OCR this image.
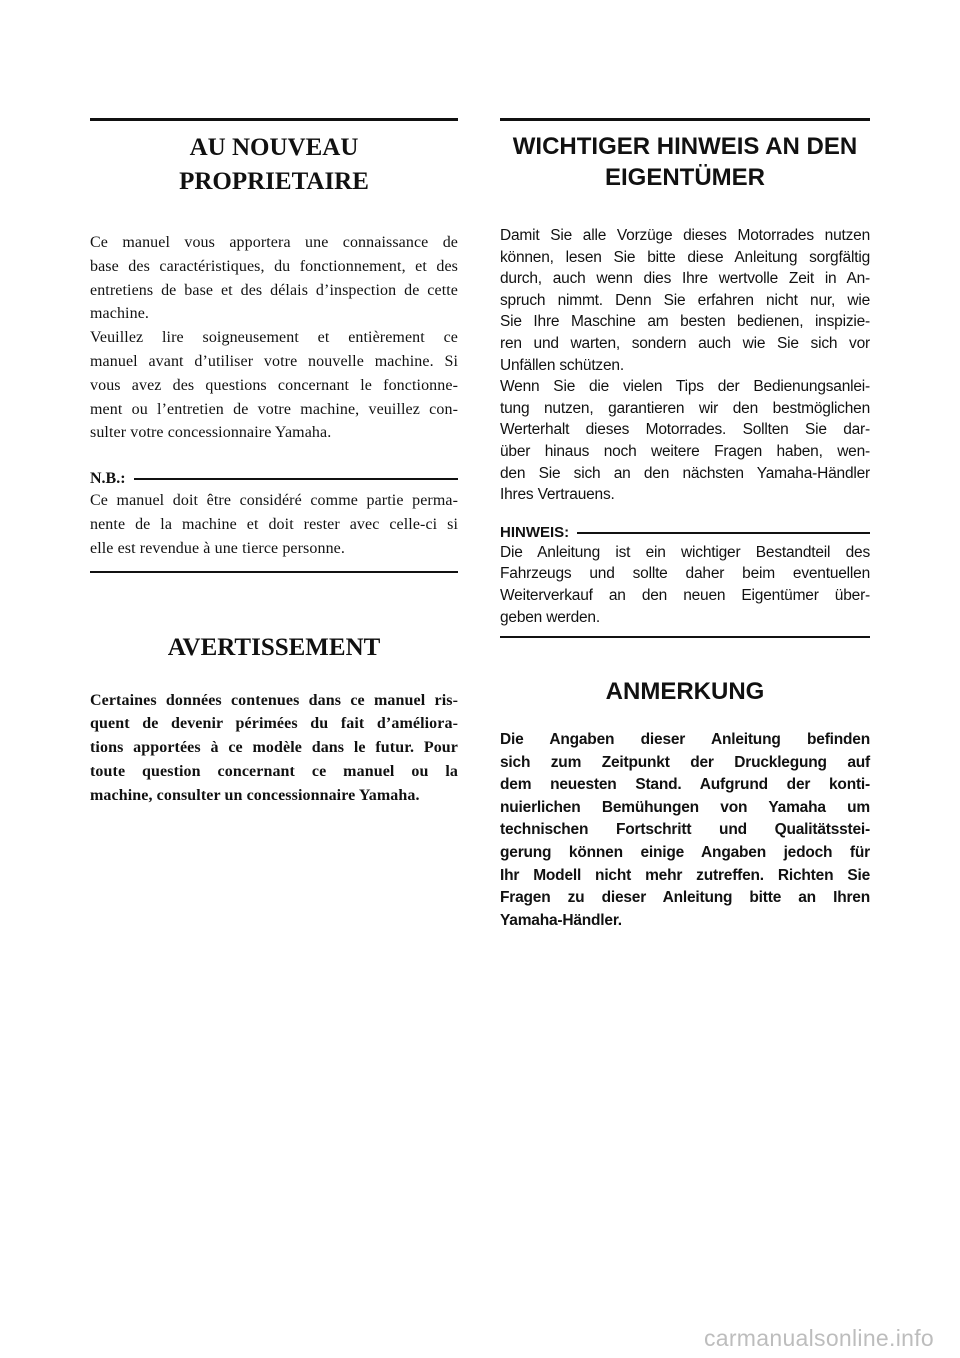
AU NOUVEAU
PROPRIETAIRE
Ce manuel vous apportera une connaissance de
base des caractéristiques, du fonctionnement, et des
entretiens de base et des délais d’inspection de cette
machine.
Veuillez lire soigneusement et entièrement ce
manuel avant d’utiliser votre nouvelle machine. Si
vous avez des questions concernant le fonctionne-
ment ou l’entretien de votre machine, veuillez con-
sulter votre concessionnaire Yamaha.
N.B.:
Ce manuel doit être considéré comme partie perma-
nente de la machine et doit rester avec celle-ci si
elle est revendue à une tierce personne.
AVERTISSEMENT
Certaines données contenues dans ce manuel ris-
quent de devenir périmées du fait d’améliora-
tions apportées à ce modèle dans le futur. Pour
toute question concernant ce manuel ou la
machine, consulter un concessionnaire Yamaha.
WICHTIGER HINWEIS AN DEN
EIGENTÜMER
Damit Sie alle Vorzüge dieses Motorrades nutzen
können, lesen Sie bitte diese Anleitung sorgfältig
durch, auch wenn dies Ihre wertvolle Zeit in An-
spruch nimmt. Denn Sie erfahren nicht nur, wie
Sie Ihre Maschine am besten bedienen, inspizie-
ren und warten, sondern auch wie Sie sich vor
Unfällen schützen.
Wenn Sie die vielen Tips der Bedienungsanlei-
tung nutzen, garantieren wir den bestmöglichen
Werterhalt dieses Motorrades. Sollten Sie dar-
über hinaus noch weitere Fragen haben, wen-
den Sie sich an den nächsten Yamaha-Händler
Ihres Vertrauens.
HINWEIS:
Die Anleitung ist ein wichtiger Bestandteil des
Fahrzeugs und sollte daher beim eventuellen
Weiterverkauf an den neuen Eigentümer über-
geben werden.
ANMERKUNG
Die Angaben dieser Anleitung befinden
sich zum Zeitpunkt der Drucklegung auf
dem neuesten Stand. Aufgrund der konti-
nuierlichen Bemühungen von Yamaha um
technischen Fortschritt und Qualitätsstei-
gerung können einige Angaben jedoch für
Ihr Modell nicht mehr zutreffen. Richten Sie
Fragen zu dieser Anleitung bitte an Ihren
Yamaha-Händler.
carmanualsonline.info
